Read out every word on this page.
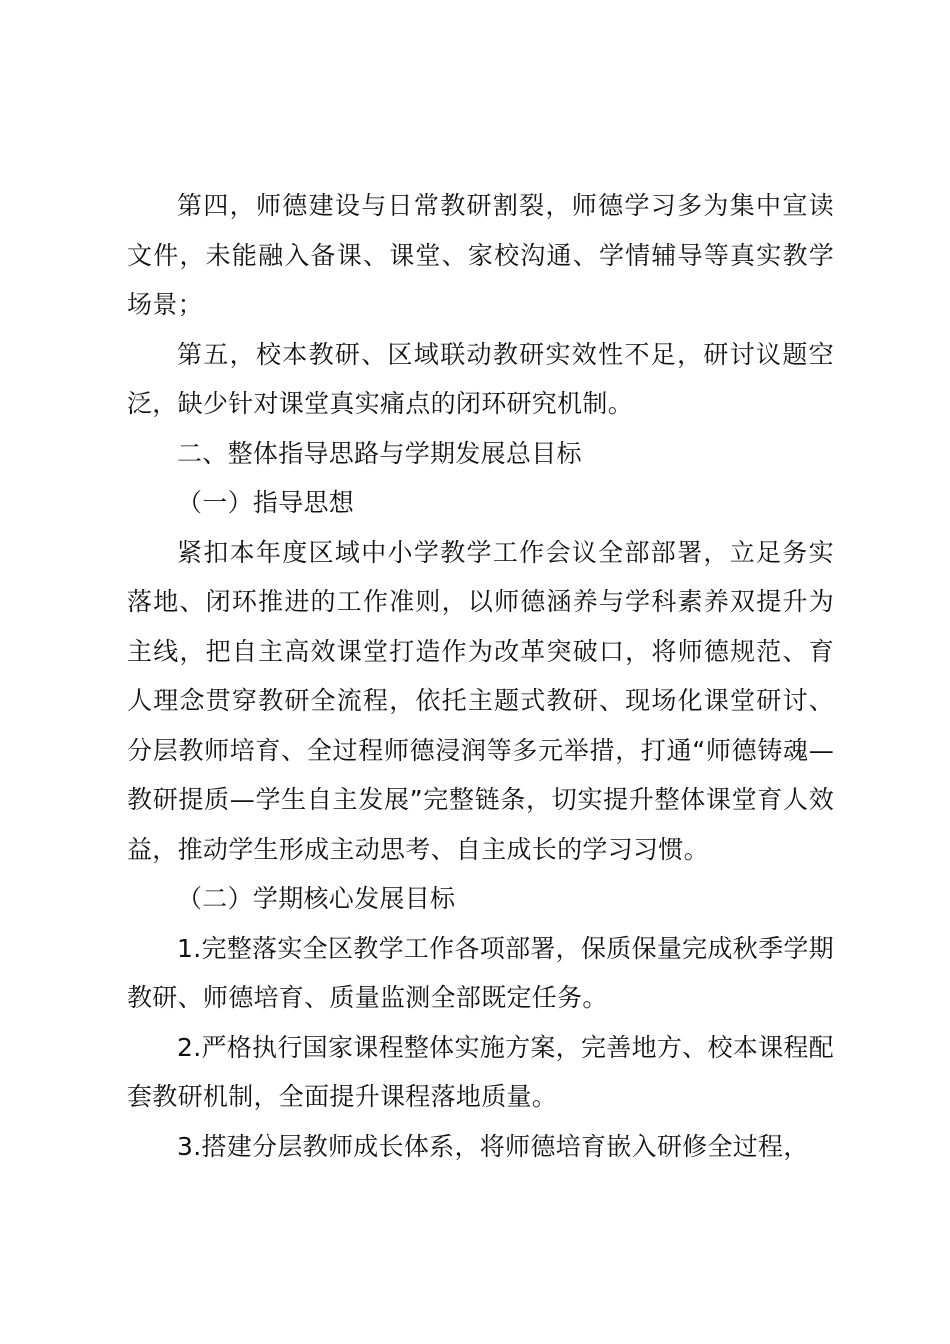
第四，师德建设与日常教研割裂，师德学习多为集中宣读文件，未能融入备课、课堂、家校沟通、学情辅导等真实教学场景；

第五，校本教研、区域联动教研实效性不足，研讨议题空泛，缺少针对课堂真实痛点的闭环研究机制。

二、整体指导思路与学期发展总目标

（一）指导思想

紧扣本年度区域中小学教学工作会议全部部署，立足务实落地、闭环推进的工作准则，以师德涵养与学科素养双提升为主线，把自主高效课堂打造作为改革突破口，将师德规范、育人理念贯穿教研全流程，依托主题式教研、现场化课堂研讨、分层教师培育、全过程师德浸润等多元举措，打通“师德铸魂—教研提质—学生自主发展”完整链条，切实提升整体课堂育人效益，推动学生形成主动思考、自主成长的学习习惯。

（二）学期核心发展目标

1.完整落实全区教学工作各项部署，保质保量完成秋季学期教研、师德培育、质量监测全部既定任务。

2.严格执行国家课程整体实施方案，完善地方、校本课程配套教研机制，全面提升课程落地质量。

3.搭建分层教师成长体系，将师德培育嵌入研修全过程，
